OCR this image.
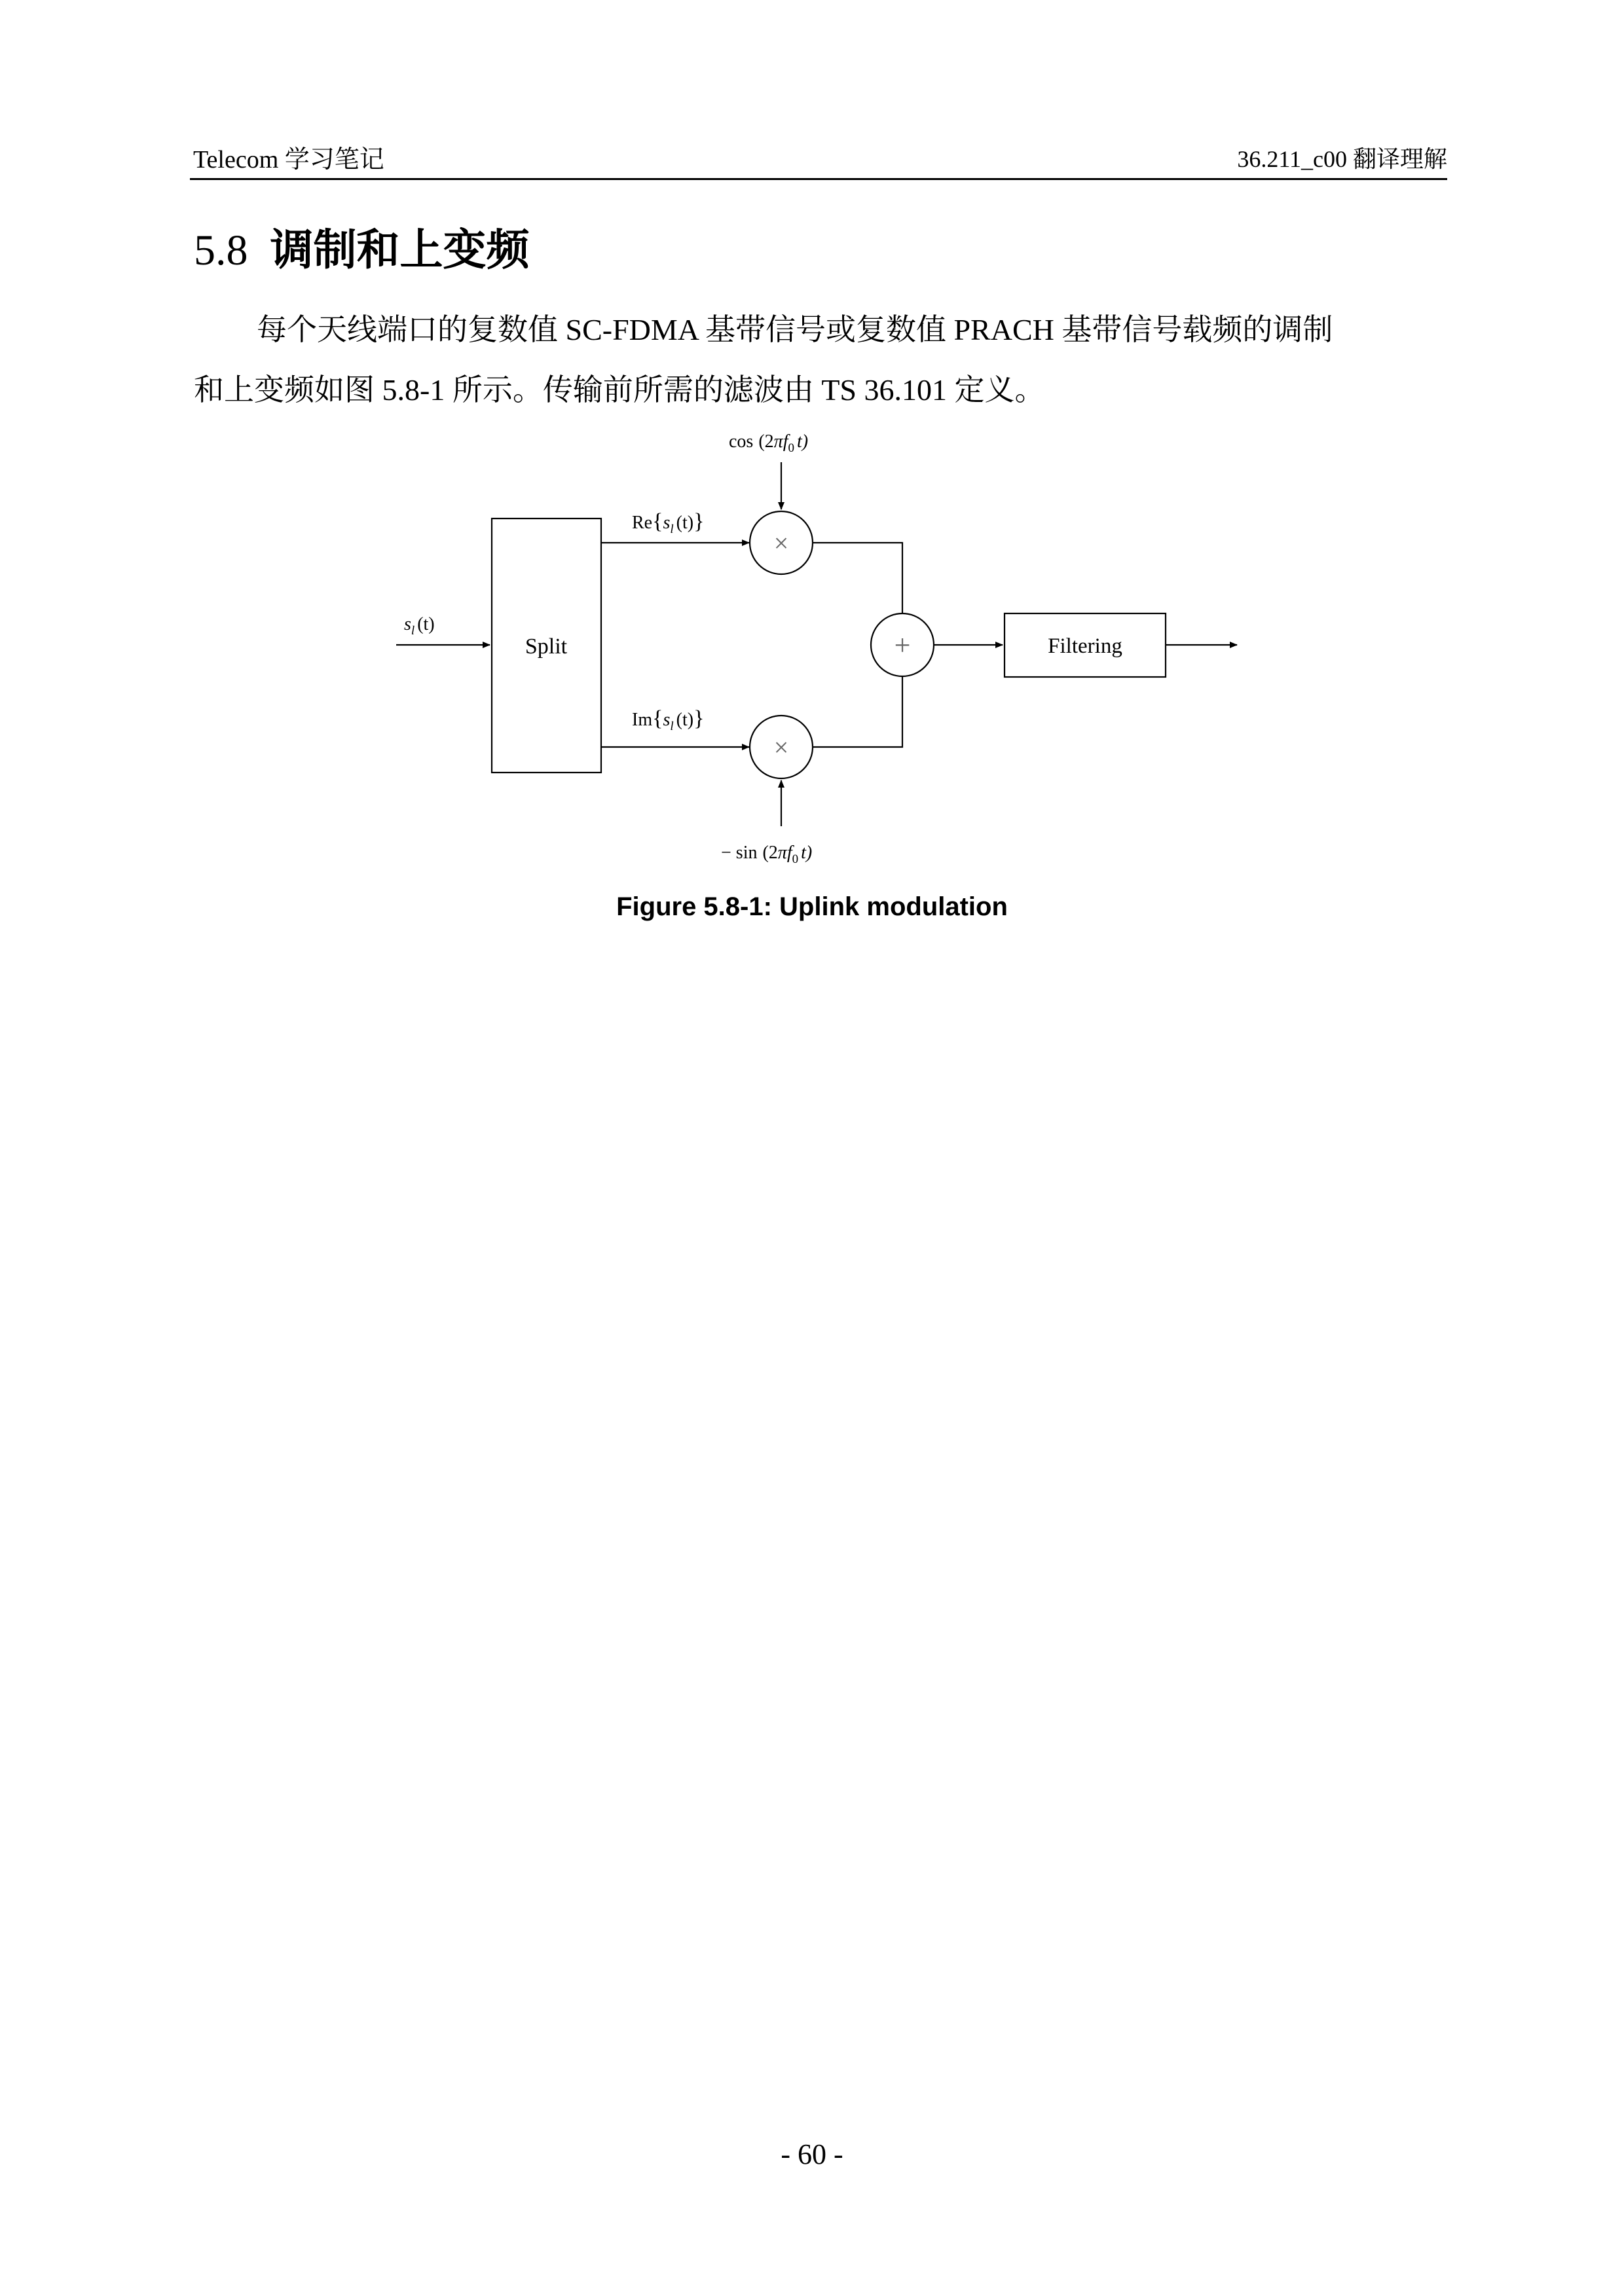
Telecom 学习笔记	36.211_c00 翻译理解
5.8 调制和上变频
每个天线端口的复数值 SC-FDMA 基带信号或复数值 PRACH 基带信号载频的调制
和上变频如图 5.8-1 所示。传输前所需的滤波由 TS 36.101 定义。
Split	Filtering
×
×
+
$s_l$ (t)
$Re\{s_l$ (t)}
$Im\{s_l$ (t)}
$\cos (2\pi f_0$ t)
− $\sin (2\pi f_0$ t)
Figure 5.8-1: Uplink modulation
- 60 -
